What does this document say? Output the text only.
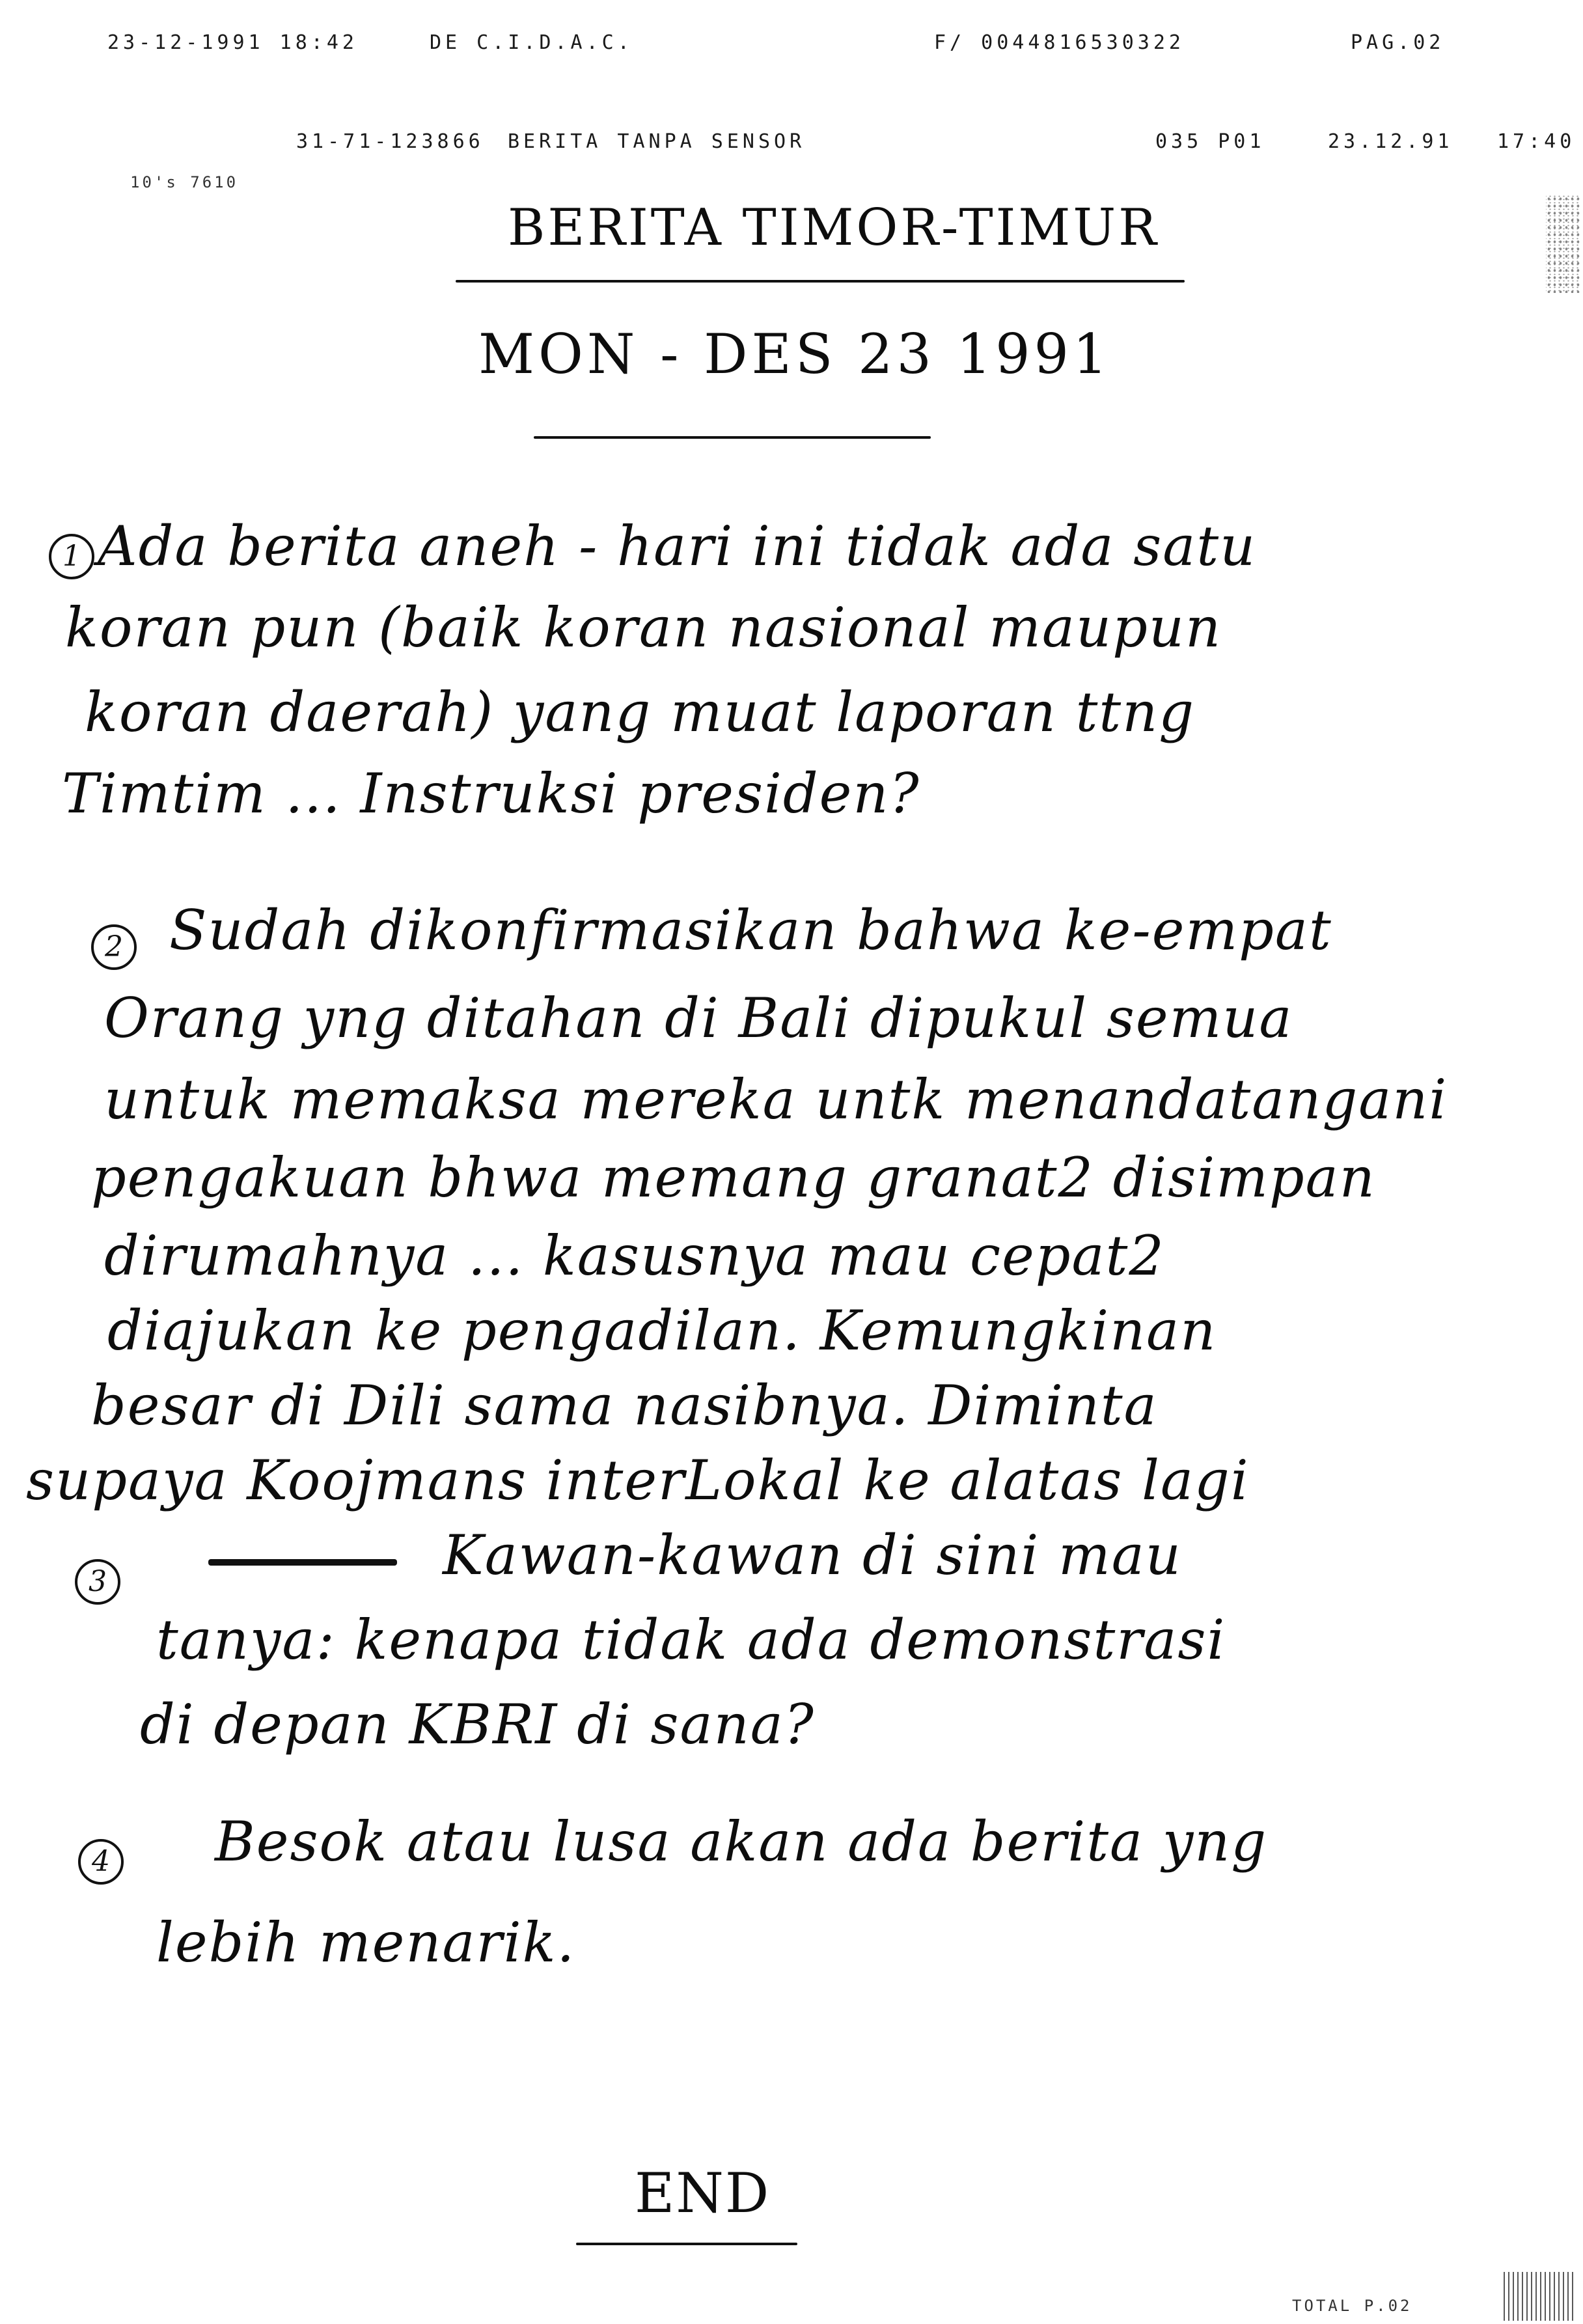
23-12-1991 18:42	DE C.I.D.A.C.	F/ 0044816530322	PAG.02
31-71-123866 BERITA TANPA SENSOR	035 P01	23.12.91 17:40
10's 7610
BERITA TIMOR-TIMUR
MON - DES 23 1991
1 Ada berita aneh - hari ini tidak ada satu
koran pun (baik koran nasional maupun
koran daerah) yang muat laporan ttng
Timtim ... Instruksi presiden?
2 Sudah dikonfirmasikan bahwa ke-empat
Orang yng ditahan di Bali dipukul semua
untuk memaksa mereka untk menandatangani
pengakuan bhwa memang granat2 disimpan
dirumahnya ... kasusnya mau cepat2
diajukan ke pengadilan. Kemungkinan
besar di Dili sama nasibnya. Diminta
supaya Koojmans interLokal ke alatas lagi
3	Kawan-kawan di sini mau
tanya: kenapa tidak ada demonstrasi
di depan KBRI di sana?
4 Besok atau lusa akan ada berita yng
lebih menarik.
END
TOTAL P.02
